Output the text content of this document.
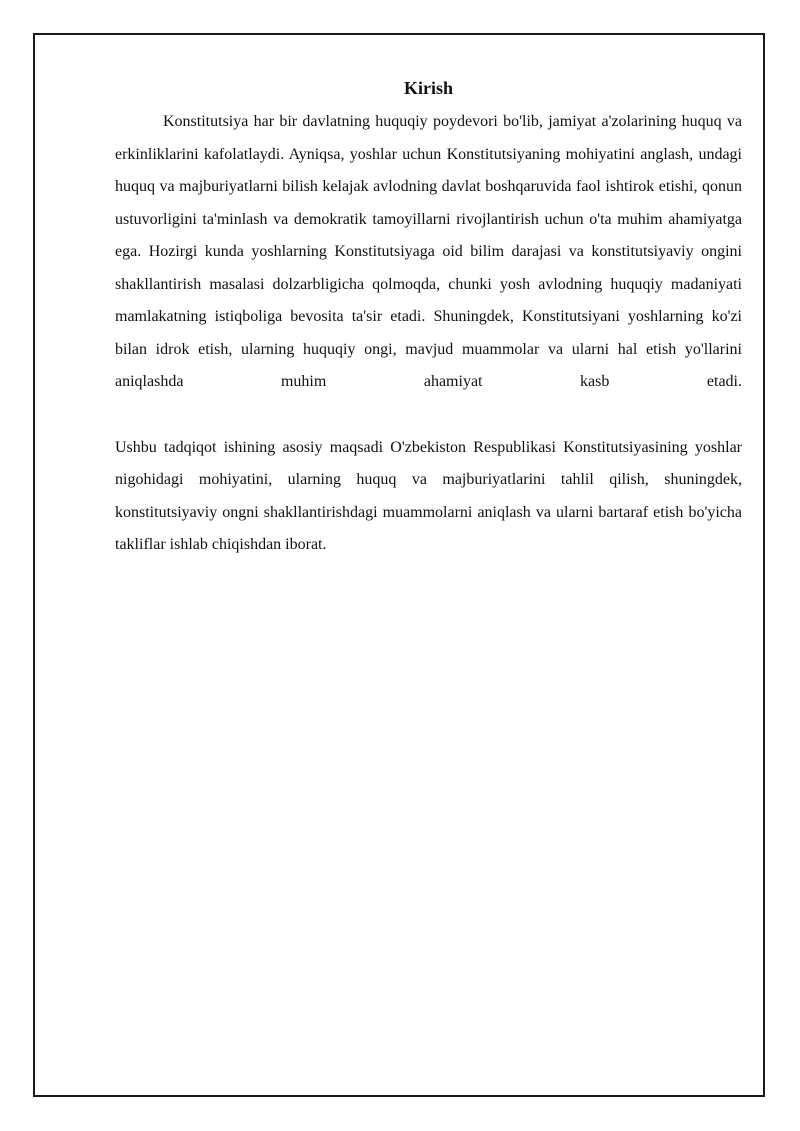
Kirish

Konstitutsiya har bir davlatning huquqiy poydevori bo'lib, jamiyat a'zolarining huquq va erkinliklarini kafolatlaydi. Ayniqsa, yoshlar uchun Konstitutsiyaning mohiyatini anglash, undagi huquq va majburiyatlarni bilish kelajak avlodning davlat boshqaruvida faol ishtirok etishi, qonun ustuvorligini ta'minlash va demokratik tamoyillarni rivojlantirish uchun o'ta muhim ahamiyatga ega. Hozirgi kunda yoshlarning Konstitutsiyaga oid bilim darajasi va konstitutsiyaviy ongini shakllantirish masalasi dolzarbligicha qolmoqda, chunki yosh avlodning huquqiy madaniyati mamlakatning istiqboliga bevosita ta'sir etadi. Shuningdek, Konstitutsiyani yoshlarning ko'zi bilan idrok etish, ularning huquqiy ongi, mavjud muammolar va ularni hal etish yo'llarini aniqlashda muhim ahamiyat kasb etadi.

Ushbu tadqiqot ishining asosiy maqsadi O'zbekiston Respublikasi Konstitutsiyasining yoshlar nigohidagi mohiyatini, ularning huquq va majburiyatlarini tahlil qilish, shuningdek, konstitutsiyaviy ongni shakllantirishdagi muammolarni aniqlash va ularni bartaraf etish bo'yicha takliflar ishlab chiqishdan iborat.
